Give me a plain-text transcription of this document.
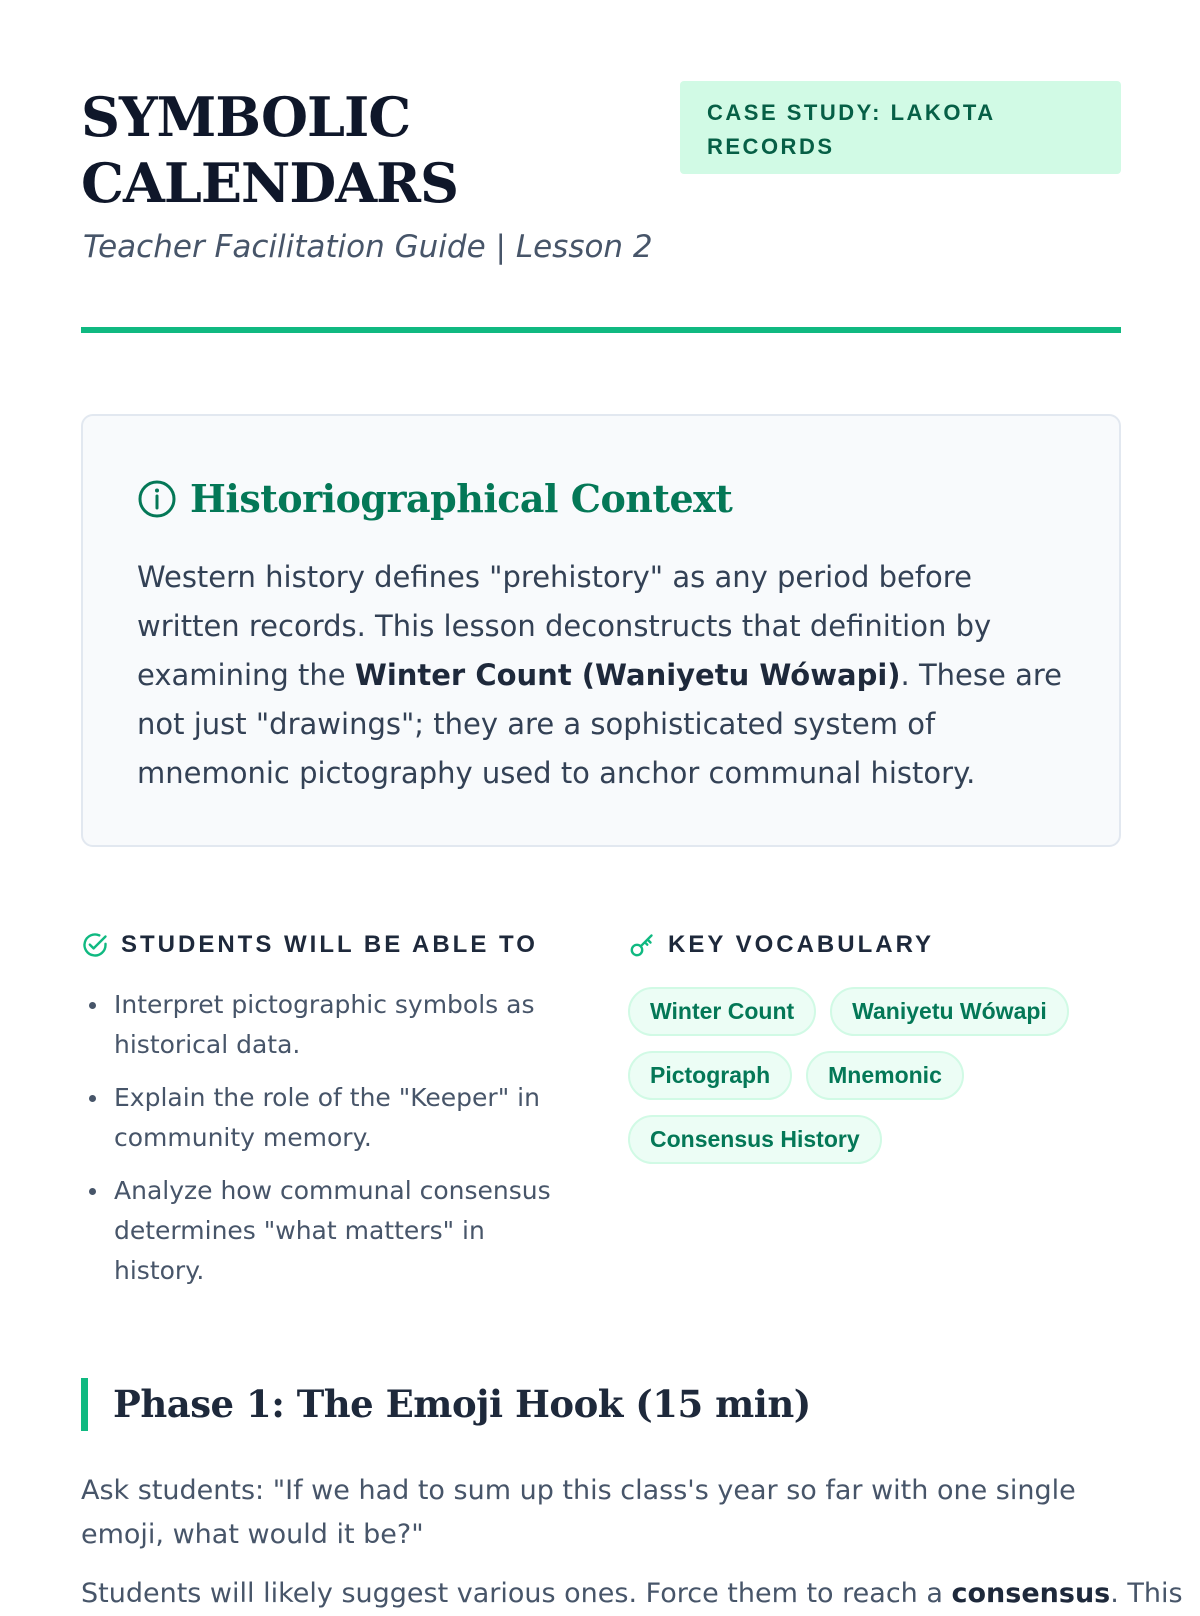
SYMBOLIC
CALENDARS
Teacher Facilitation Guide | Lesson 2
CASE STUDY: LAKOTA RECORDS
Historiographical Context

Western history defines "prehistory" as any period before written records. This lesson deconstructs that definition by examining the Winter Count (Waniyetu Wówapi). These are not just "drawings"; they are a sophisticated system of mnemonic pictography used to anchor communal history.

STUDENTS WILL BE ABLE TO
Interpret pictographic symbols as historical data.
Explain the role of the "Keeper" in community memory.
Analyze how communal consensus determines "what matters" in history.
KEY VOCABULARY
Winter Count	Waniyetu Wówapi
Pictograph	Mnemonic
Consensus History
Phase 1: The Emoji Hook (15 min)

Ask students: "If we had to sum up this class's year so far with one single emoji, what would it be?"

Students will likely suggest various ones. Force them to reach a consensus. This
